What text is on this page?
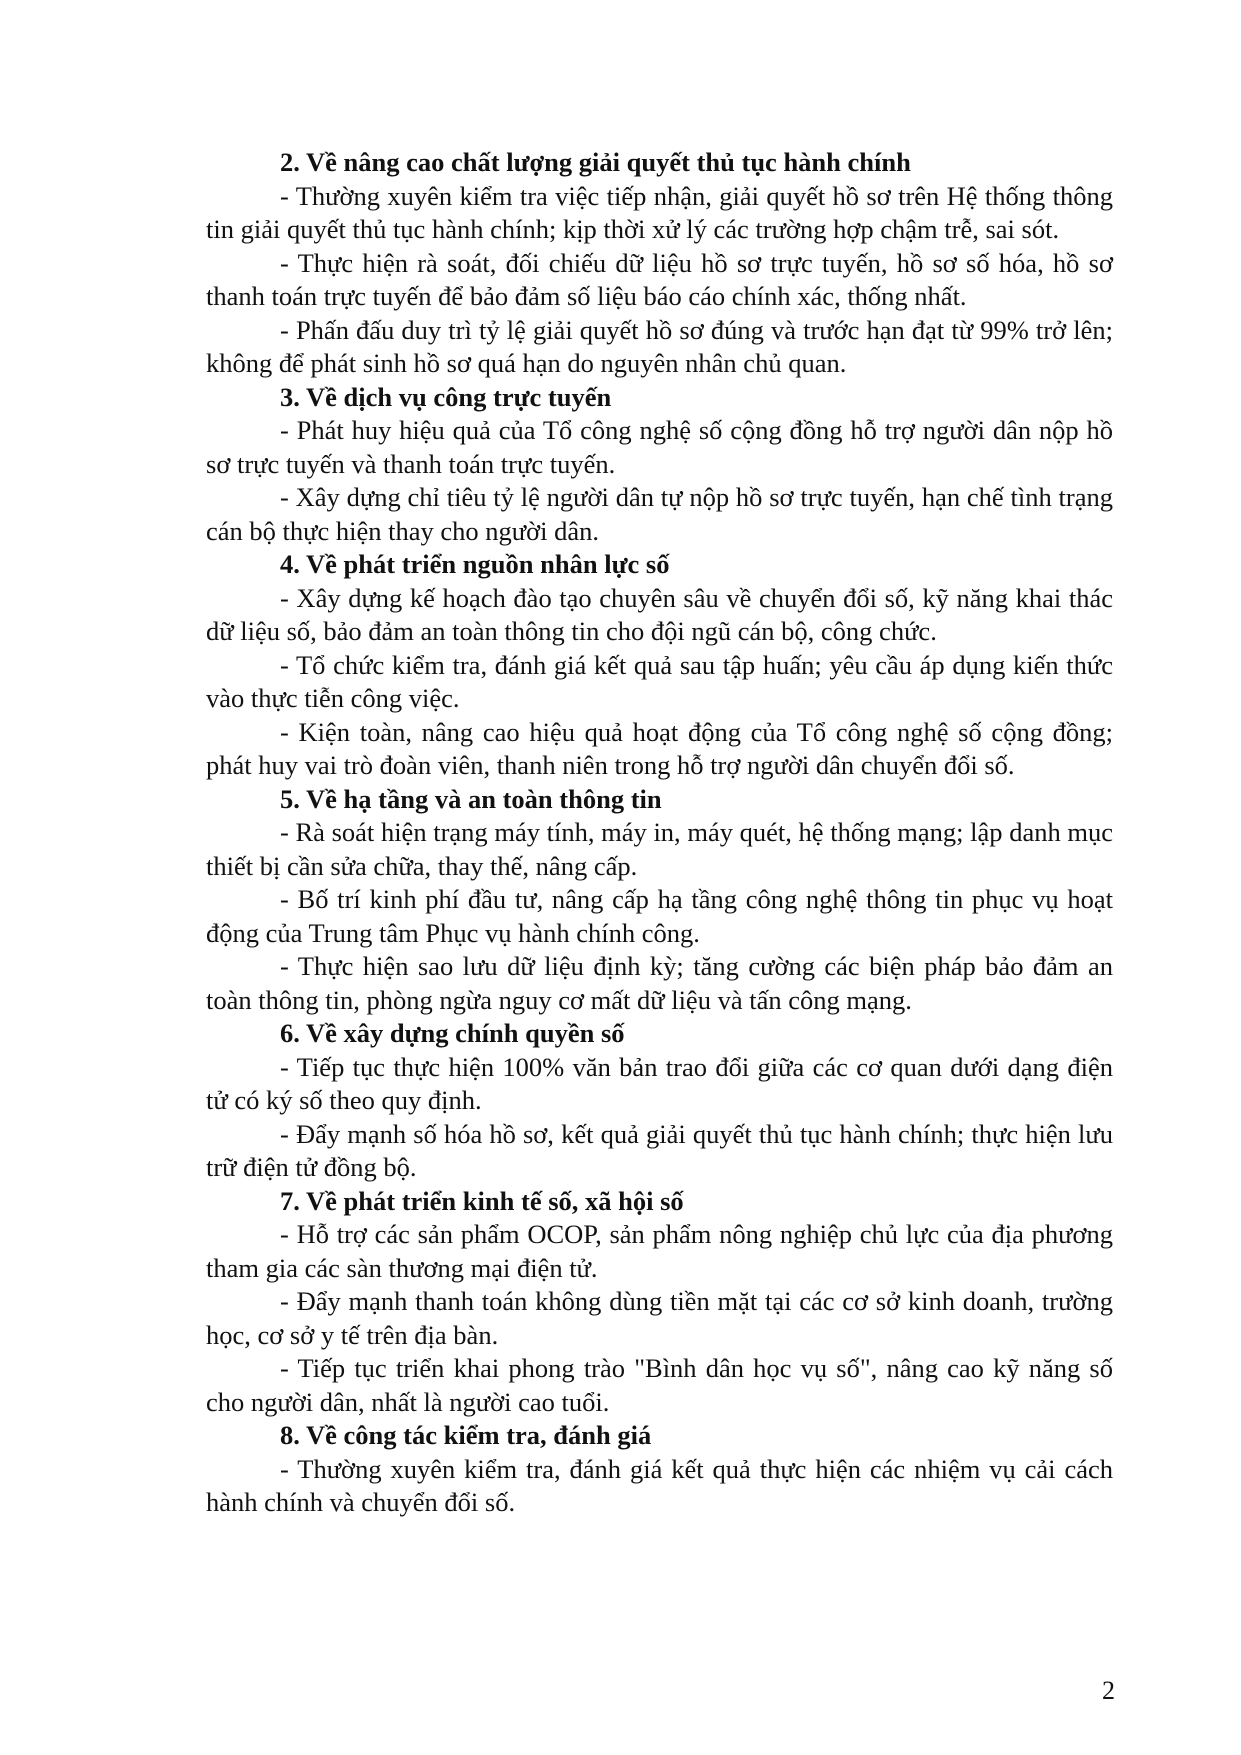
2. Về nâng cao chất lượng giải quyết thủ tục hành chính

- Thường xuyên kiểm tra việc tiếp nhận, giải quyết hồ sơ trên Hệ thống thông tin giải quyết thủ tục hành chính; kịp thời xử lý các trường hợp chậm trễ, sai sót.

- Thực hiện rà soát, đối chiếu dữ liệu hồ sơ trực tuyến, hồ sơ số hóa, hồ sơ thanh toán trực tuyến để bảo đảm số liệu báo cáo chính xác, thống nhất.

- Phấn đấu duy trì tỷ lệ giải quyết hồ sơ đúng và trước hạn đạt từ 99% trở lên; không để phát sinh hồ sơ quá hạn do nguyên nhân chủ quan.

3. Về dịch vụ công trực tuyến

- Phát huy hiệu quả của Tổ công nghệ số cộng đồng hỗ trợ người dân nộp hồ sơ trực tuyến và thanh toán trực tuyến.

- Xây dựng chỉ tiêu tỷ lệ người dân tự nộp hồ sơ trực tuyến, hạn chế tình trạng cán bộ thực hiện thay cho người dân.

4. Về phát triển nguồn nhân lực số

- Xây dựng kế hoạch đào tạo chuyên sâu về chuyển đổi số, kỹ năng khai thác dữ liệu số, bảo đảm an toàn thông tin cho đội ngũ cán bộ, công chức.

- Tổ chức kiểm tra, đánh giá kết quả sau tập huấn; yêu cầu áp dụng kiến thức vào thực tiễn công việc.

- Kiện toàn, nâng cao hiệu quả hoạt động của Tổ công nghệ số cộng đồng; phát huy vai trò đoàn viên, thanh niên trong hỗ trợ người dân chuyển đổi số.

5. Về hạ tầng và an toàn thông tin

- Rà soát hiện trạng máy tính, máy in, máy quét, hệ thống mạng; lập danh mục thiết bị cần sửa chữa, thay thế, nâng cấp.

- Bố trí kinh phí đầu tư, nâng cấp hạ tầng công nghệ thông tin phục vụ hoạt động của Trung tâm Phục vụ hành chính công.

- Thực hiện sao lưu dữ liệu định kỳ; tăng cường các biện pháp bảo đảm an toàn thông tin, phòng ngừa nguy cơ mất dữ liệu và tấn công mạng.

6. Về xây dựng chính quyền số

- Tiếp tục thực hiện 100% văn bản trao đổi giữa các cơ quan dưới dạng điện tử có ký số theo quy định.

- Đẩy mạnh số hóa hồ sơ, kết quả giải quyết thủ tục hành chính; thực hiện lưu trữ điện tử đồng bộ.

7. Về phát triển kinh tế số, xã hội số

- Hỗ trợ các sản phẩm OCOP, sản phẩm nông nghiệp chủ lực của địa phương tham gia các sàn thương mại điện tử.

- Đẩy mạnh thanh toán không dùng tiền mặt tại các cơ sở kinh doanh, trường học, cơ sở y tế trên địa bàn.

- Tiếp tục triển khai phong trào "Bình dân học vụ số", nâng cao kỹ năng số cho người dân, nhất là người cao tuổi.

8. Về công tác kiểm tra, đánh giá

- Thường xuyên kiểm tra, đánh giá kết quả thực hiện các nhiệm vụ cải cách hành chính và chuyển đổi số.

2
